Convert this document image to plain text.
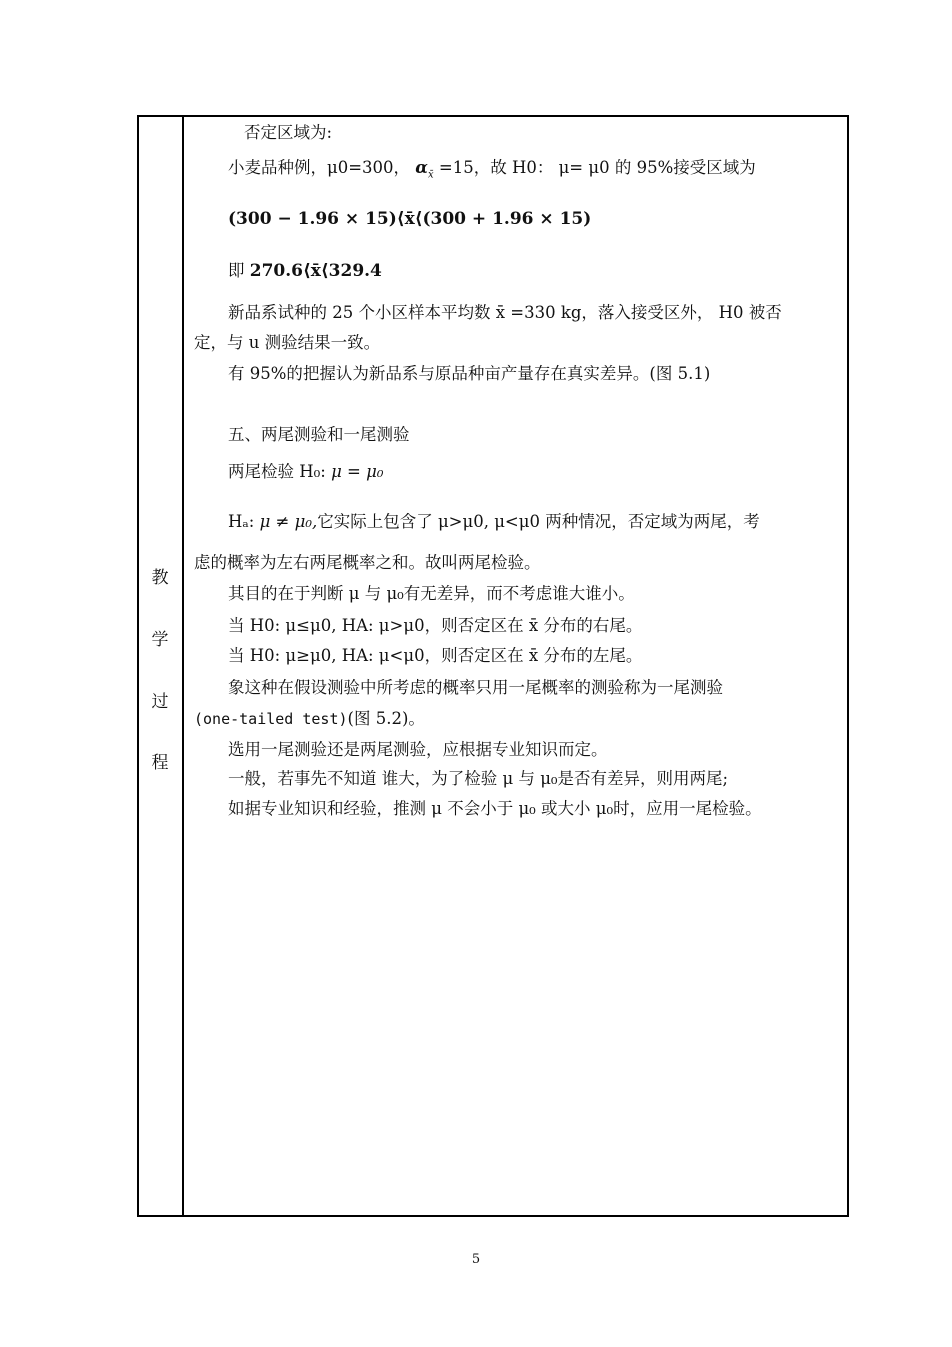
教
学
过
程
否定区域为:
小麦品种例，μ0=300， $\alpha_{x̄} =15$，故 H0： μ= μ0 的 95%接受区域为
(300 − 1.96 × 15)⟨x̄⟨(300 + 1.96 × 15)
即 270.6⟨x̄⟨329.4
新品系试种的 25 个小区样本平均数 x̄ =330 kg，落入接受区外， H0 被否
定，与 u 测验结果一致。
有 95%的把握认为新品系与原品种亩产量存在真实差异。(图 5.1)
五、两尾测验和一尾测验
两尾检验 H₀: μ = μ₀
Hₐ: μ ≠ μ₀,它实际上包含了 μ>μ0, μ<μ0 两种情况，否定域为两尾，考
虑的概率为左右两尾概率之和。故叫两尾检验。
其目的在于判断 μ 与 μ₀有无差异，而不考虑谁大谁小。
当 H0: μ≤μ0, HA: μ>μ0，则否定区在 x̄ 分布的右尾。
当 H0: μ≥μ0, HA: μ<μ0，则否定区在 x̄ 分布的左尾。
象这种在假设测验中所考虑的概率只用一尾概率的测验称为一尾测验
(one-tailed test)(图 5.2)。
选用一尾测验还是两尾测验，应根据专业知识而定。
一般，若事先不知道 谁大，为了检验 μ 与 μ₀是否有差异，则用两尾;
如据专业知识和经验，推测 μ 不会小于 μ₀ 或大小 μ₀时，应用一尾检验。
5
